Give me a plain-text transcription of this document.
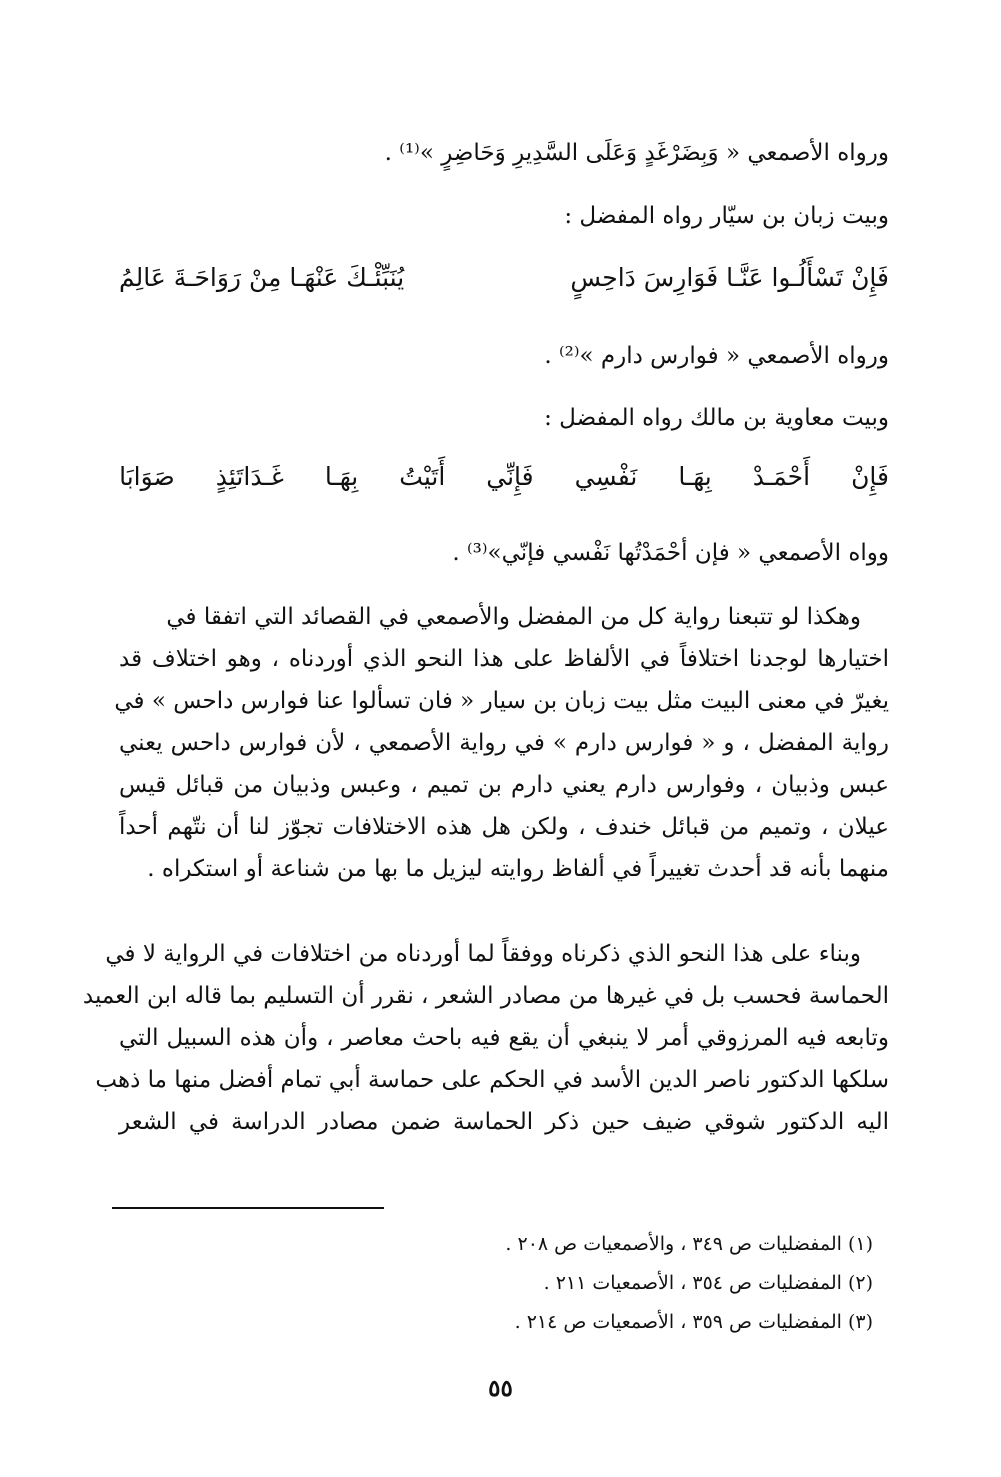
ورواه الأصمعي « وَبِضَرْغَدٍ وَعَلَى السَّدِيرِ وَحَاضِرٍ »⁽¹⁾ .
وبيت زبان بن سيّار رواه المفضل :
فَإِنْ تَسْأَلُـوا عَنَّـا فَوَارِسَ دَاحِسٍ
يُنَبِّئْـكَ عَنْهَـا مِنْ رَوَاحَـةَ عَالِمُ
ورواه الأصمعي « فوارس دارم »⁽²⁾ .
وبيت معاوية بن مالك رواه المفضل :
فَإِنْ
أَحْمَـدْ
بِهَـا
نَفْسِي
فَإِنِّي
أَتَيْتُ
بِهَـا
غَـدَاتَئِذٍ
صَوَابَا
وواه الأصمعي « فإن أحْمَدْتُها نَفْسي فإنّي»⁽³⁾ .
وهكذا لو تتبعنا رواية كل من المفضل والأصمعي في القصائد التي اتفقا في
اختيارها لوجدنا اختلافاً في الألفاظ على هذا النحو الذي أوردناه ، وهو اختلاف قد
يغيرّ في معنى البيت مثل بيت زبان بن سيار « فان تسألوا عنا فوارس داحس » في
رواية المفضل ، و « فوارس دارم » في رواية الأصمعي ، لأن فوارس داحس يعني
عبس وذبيان ، وفوارس دارم يعني دارم بن تميم ، وعبس وذبيان من قبائل قيس
عيلان ، وتميم من قبائل خندف ، ولكن هل هذه الاختلافات تجوّز لنا أن نتّهم أحداً
منهما بأنه قد أحدث تغييراً في ألفاظ روايته ليزيل ما بها من شناعة أو استكراه .
وبناء على هذا النحو الذي ذكرناه ووفقاً لما أوردناه من اختلافات في الرواية لا في
الحماسة فحسب بل في غيرها من مصادر الشعر ، نقرر أن التسليم بما قاله ابن العميد
وتابعه فيه المرزوقي أمر لا ينبغي أن يقع فيه باحث معاصر ، وأن هذه السبيل التي
سلكها الدكتور ناصر الدين الأسد في الحكم على حماسة أبي تمام أفضل منها ما ذهب
اليه الدكتور شوقي ضيف حين ذكر الحماسة ضمن مصادر الدراسة في الشعر
(١) المفضليات ص ٣٤٩ ، والأصمعيات ص ٢٠٨ .
(٢) المفضليات ص ٣٥٤ ، الأصمعيات ٢١١ .
(٣) المفضليات ص ٣٥٩ ، الأصمعيات ص ٢١٤ .
٥٥
